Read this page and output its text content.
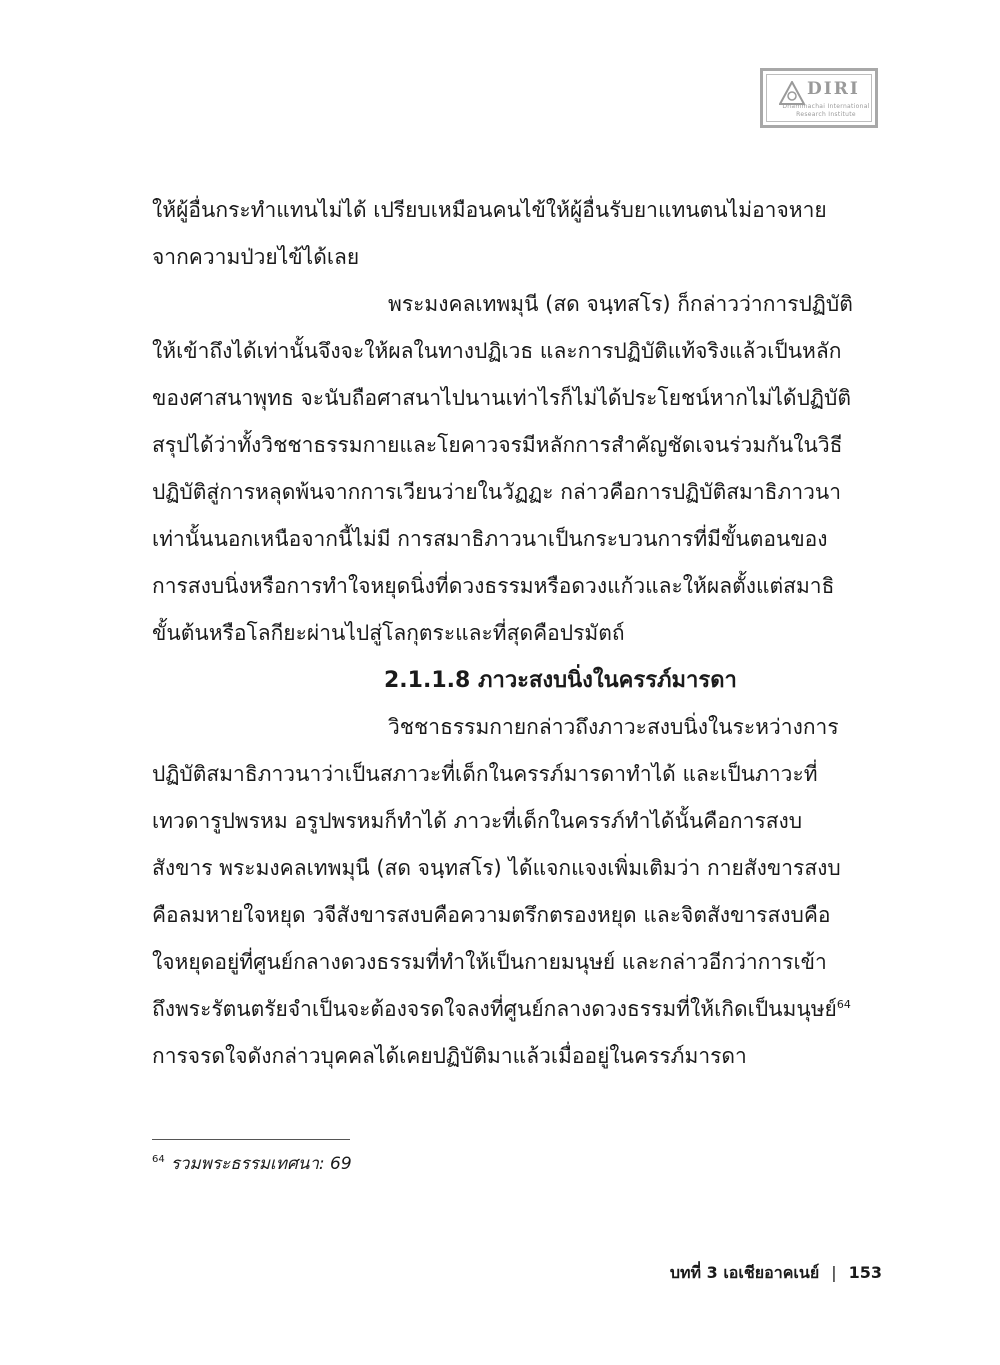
DIRI
Dhammachai International
Research Institute
ให้ผู้อื่นกระทำแทนไม่ได้ เปรียบเหมือนคนไข้ให้ผู้อื่นรับยาแทนตนไม่อาจหาย
จากความป่วยไข้ได้เลย
พระมงคลเทพมุนี (สด จนฺทสโร) ก็กล่าวว่าการปฏิบัติ
ให้เข้าถึงได้เท่านั้นจึงจะให้ผลในทางปฏิเวธ และการปฏิบัติแท้จริงแล้วเป็นหลัก
ของศาสนาพุทธ จะนับถือศาสนาไปนานเท่าไรก็ไม่ได้ประโยชน์หากไม่ได้ปฏิบัติ
สรุปได้ว่าทั้งวิชชาธรรมกายและโยคาวจรมีหลักการสำคัญชัดเจนร่วมกันในวิธี
ปฏิบัติสู่การหลุดพ้นจากการเวียนว่ายในวัฏฏะ กล่าวคือการปฏิบัติสมาธิภาวนา
เท่านั้นนอกเหนือจากนี้ไม่มี การสมาธิภาวนาเป็นกระบวนการที่มีขั้นตอนของ
การสงบนิ่งหรือการทำใจหยุดนิ่งที่ดวงธรรมหรือดวงแก้วและให้ผลตั้งแต่สมาธิ
ขั้นต้นหรือโลกียะผ่านไปสู่โลกุตระและที่สุดคือปรมัตถ์
2.1.1.8 ภาวะสงบนิ่งในครรภ์มารดา
วิชชาธรรมกายกล่าวถึงภาวะสงบนิ่งในระหว่างการ
ปฏิบัติสมาธิภาวนาว่าเป็นสภาวะที่เด็กในครรภ์มารดาทำได้ และเป็นภาวะที่
เทวดารูปพรหม อรูปพรหมก็ทำได้ ภาวะที่เด็กในครรภ์ทำได้นั้นคือการสงบ
สังขาร พระมงคลเทพมุนี (สด จนฺทสโร) ได้แจกแจงเพิ่มเติมว่า กายสังขารสงบ
คือลมหายใจหยุด วจีสังขารสงบคือความตรึกตรองหยุด และจิตสังขารสงบคือ
ใจหยุดอยู่ที่ศูนย์กลางดวงธรรมที่ทำให้เป็นกายมนุษย์ และกล่าวอีกว่าการเข้า
ถึงพระรัตนตรัยจำเป็นจะต้องจรดใจลงที่ศูนย์กลางดวงธรรมที่ให้เกิดเป็นมนุษย์$^{64}$
การจรดใจดังกล่าวบุคคลได้เคยปฏิบัติมาแล้วเมื่ออยู่ในครรภ์มารดา
$^{64}$ รวมพระธรรมเทศนา: 69
บทที่ 3 เอเชียอาคเนย์ | 153
